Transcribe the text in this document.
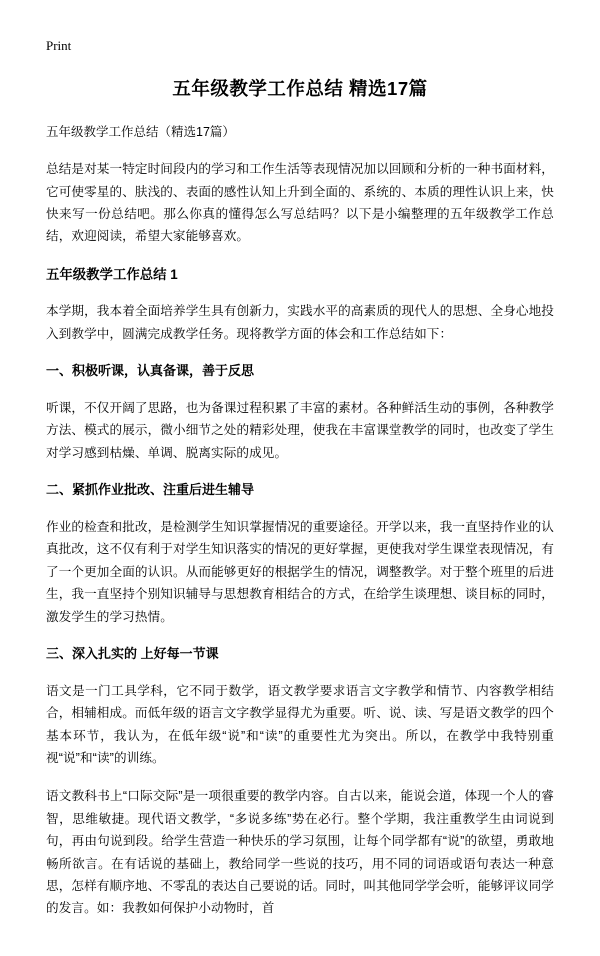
Print
五年级教学工作总结 精选17篇
五年级教学工作总结（精选17篇）

总结是对某一特定时间段内的学习和工作生活等表现情况加以回顾和分析的一种书面材料，它可使零星的、肤浅的、表面的感性认知上升到全面的、系统的、本质的理性认识上来，快快来写一份总结吧。那么你真的懂得怎么写总结吗？以下是小编整理的五年级教学工作总结，欢迎阅读，希望大家能够喜欢。

五年级教学工作总结 1

本学期，我本着全面培养学生具有创新力，实践水平的高素质的现代人的思想、全身心地投入到教学中，圆满完成教学任务。现将教学方面的体会和工作总结如下：

一、积极听课，认真备课，善于反思

听课，不仅开阔了思路，也为备课过程积累了丰富的素材。各种鲜活生动的事例，各种教学方法、模式的展示，微小细节之处的精彩处理，使我在丰富课堂教学的同时，也改变了学生对学习感到枯燥、单调、脱离实际的成见。

二、紧抓作业批改、注重后进生辅导

作业的检查和批改，是检测学生知识掌握情况的重要途径。开学以来，我一直坚持作业的认真批改，这不仅有利于对学生知识落实的情况的更好掌握，更使我对学生课堂表现情况，有了一个更加全面的认识。从而能够更好的根据学生的情况，调整教学。对于整个班里的后进生，我一直坚持个别知识辅导与思想教育相结合的方式，在给学生谈理想、谈目标的同时，激发学生的学习热情。

三、深入扎实的 上好每一节课

语文是一门工具学科，它不同于数学，语文教学要求语言文字教学和情节、内容教学相结合，相辅相成。而低年级的语言文字教学显得尤为重要。听、说、读、写是语文教学的四个基本环节，我认为，在低年级“说”和“读”的重要性尤为突出。所以，在教学中我特别重视“说”和“读”的训练。

语文教科书上“口际交际”是一项很重要的教学内容。自古以来，能说会道，体现一个人的睿智，思维敏捷。现代语文教学，“多说多练”势在必行。整个学期，我注重教学生由词说到句，再由句说到段。给学生营造一种快乐的学习氛围，让每个同学都有“说”的欲望，勇敢地畅所欲言。在有话说的基础上，教给同学一些说的技巧，用不同的词语或语句表达一种意思，怎样有顺序地、不零乱的表达自己要说的话。同时，叫其他同学学会听，能够评议同学的发言。如：我教如何保护小动物时，首
